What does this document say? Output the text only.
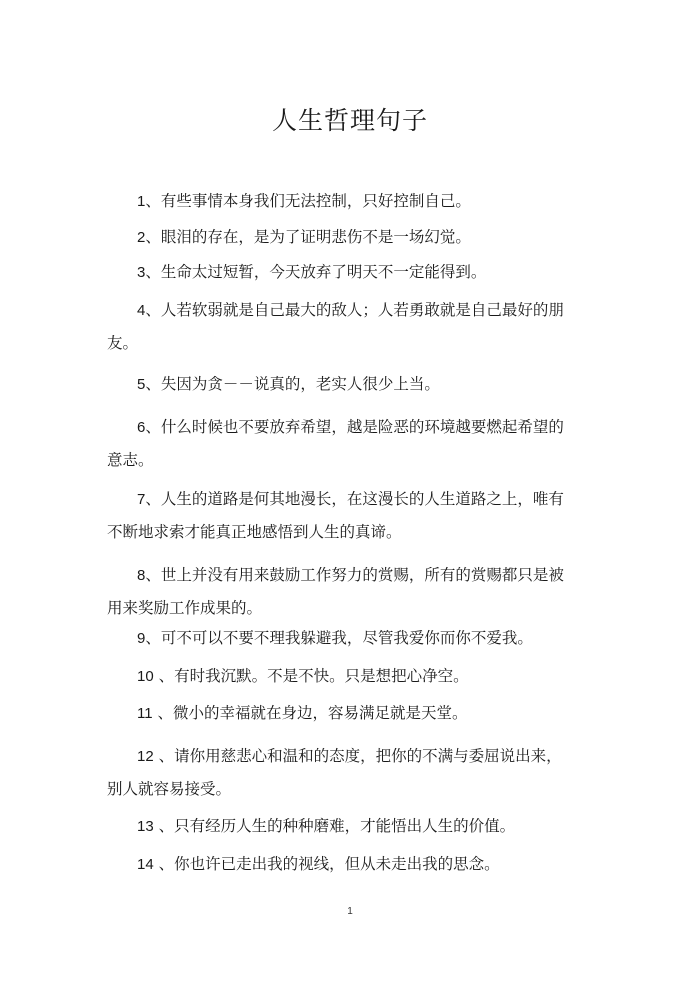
人生哲理句子
1、有些事情本身我们无法控制，只好控制自己。
2、眼泪的存在，是为了证明悲伤不是一场幻觉。
3、生命太过短暂，今天放弃了明天不一定能得到。
4、人若软弱就是自己最大的敌人；人若勇敢就是自己最好的朋友。
5、失因为贪－－说真的，老实人很少上当。
6、什么时候也不要放弃希望，越是险恶的环境越要燃起希望的意志。
7、人生的道路是何其地漫长，在这漫长的人生道路之上，唯有不断地求索才能真正地感悟到人生的真谛。
8、世上并没有用来鼓励工作努力的赏赐，所有的赏赐都只是被用来奖励工作成果的。
9、可不可以不要不理我躲避我，尽管我爱你而你不爱我。
10 、有时我沉默。不是不快。只是想把心净空。
11 、微小的幸福就在身边，容易满足就是天堂。
12 、请你用慈悲心和温和的态度，把你的不满与委屈说出来，别人就容易接受。
13 、只有经历人生的种种磨难，才能悟出人生的价值。
14 、你也许已走出我的视线，但从未走出我的思念。
1
